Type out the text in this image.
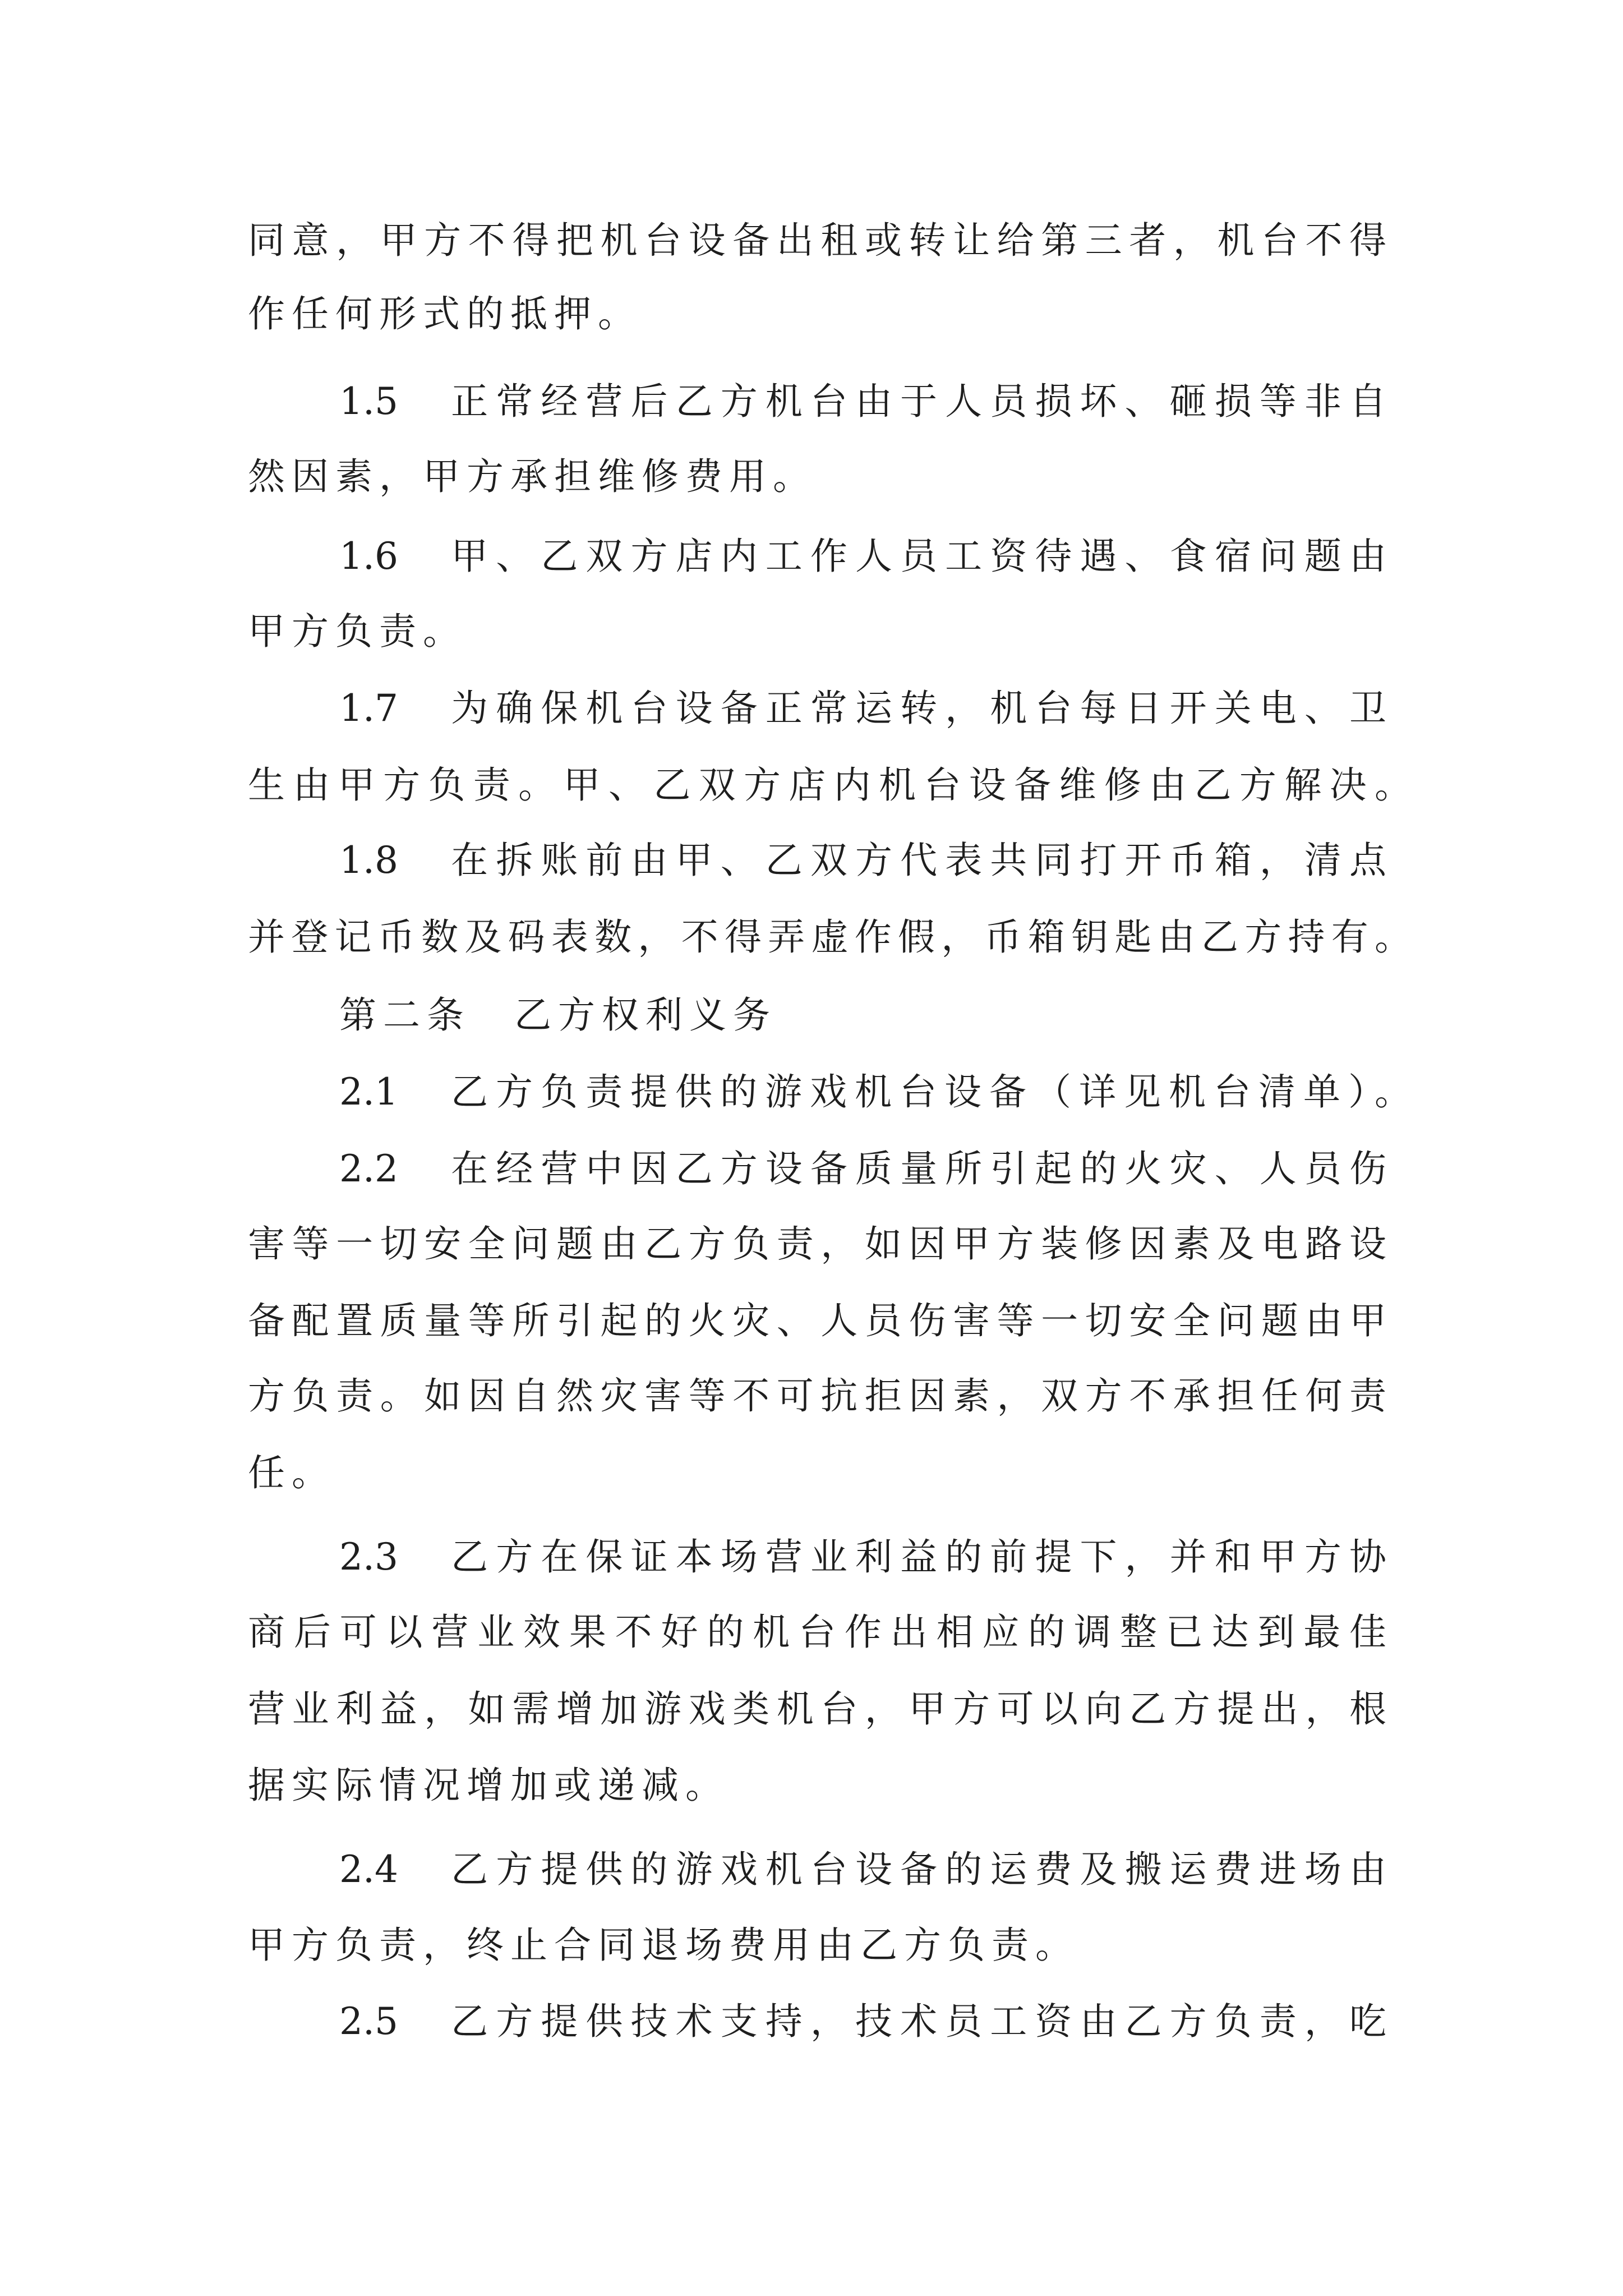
同意，甲方不得把机台设备出租或转让给第三者，机台不得
作任何形式的抵押。
1.5　正常经营后乙方机台由于人员损坏、砸损等非自
然因素，甲方承担维修费用。
1.6　甲、乙双方店内工作人员工资待遇、食宿问题由
甲方负责。
1.7　为确保机台设备正常运转，机台每日开关电、卫
生由甲方负责。甲、乙双方店内机台设备维修由乙方解决。
1.8　在拆账前由甲、乙双方代表共同打开币箱，清点
并登记币数及码表数，不得弄虚作假，币箱钥匙由乙方持有。
第二条　乙方权利义务
2.1　乙方负责提供的游戏机台设备（详见机台清单）。
2.2　在经营中因乙方设备质量所引起的火灾、人员伤
害等一切安全问题由乙方负责，如因甲方装修因素及电路设
备配置质量等所引起的火灾、人员伤害等一切安全问题由甲
方负责。如因自然灾害等不可抗拒因素，双方不承担任何责
任。
2.3　乙方在保证本场营业利益的前提下，并和甲方协
商后可以营业效果不好的机台作出相应的调整已达到最佳
营业利益，如需增加游戏类机台，甲方可以向乙方提出，根
据实际情况增加或递减。
2.4　乙方提供的游戏机台设备的运费及搬运费进场由
甲方负责，终止合同退场费用由乙方负责。
2.5　乙方提供技术支持，技术员工资由乙方负责，吃
